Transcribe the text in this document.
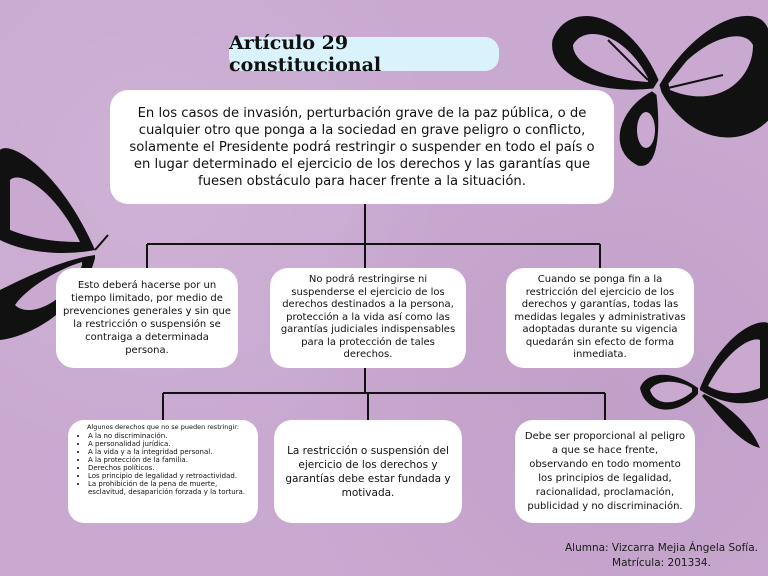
Artículo 29 constitucional
En los casos de invasión, perturbación grave de la paz pública, o de cualquier otro que ponga a la sociedad en grave peligro o conflicto, solamente el Presidente podrá restringir o suspender en todo el país o en lugar determinado el ejercicio de los derechos y las garantías que fuesen obstáculo para hacer frente a la situación.
Esto deberá hacerse por un tiempo limitado, por medio de prevenciones generales y sin que la restricción o suspensión se contraiga a determinada persona.
No podrá restringirse ni suspenderse el ejercicio de los derechos destinados a la persona, protección a la vida así como las garantías judiciales indispensables para la protección de tales derechos.
Cuando se ponga fin a la restricción del ejercicio de los derechos y garantías, todas las medidas legales y administrativas adoptadas durante su vigencia quedarán sin efecto de forma inmediata.
Algunos derechos que no se pueden restringir:
• A la no discriminación.
• A personalidad jurídica.
• A la vida y a la integridad personal.
• A la protección de la familia.
• Derechos políticos.
• Los principio de legalidad y retroactividad.
• La prohibición de la pena de muerte, esclavitud, desaparición forzada y la tortura.
La restricción o suspensión del ejercicio de los derechos y garantías debe estar fundada y motivada.
Debe ser proporcional al peligro a que se hace frente, observando en todo momento los principios de legalidad, racionalidad, proclamación, publicidad y no discriminación.
Alumna: Vizcarra Mejia Ángela Sofía.
Matrícula: 201334.
